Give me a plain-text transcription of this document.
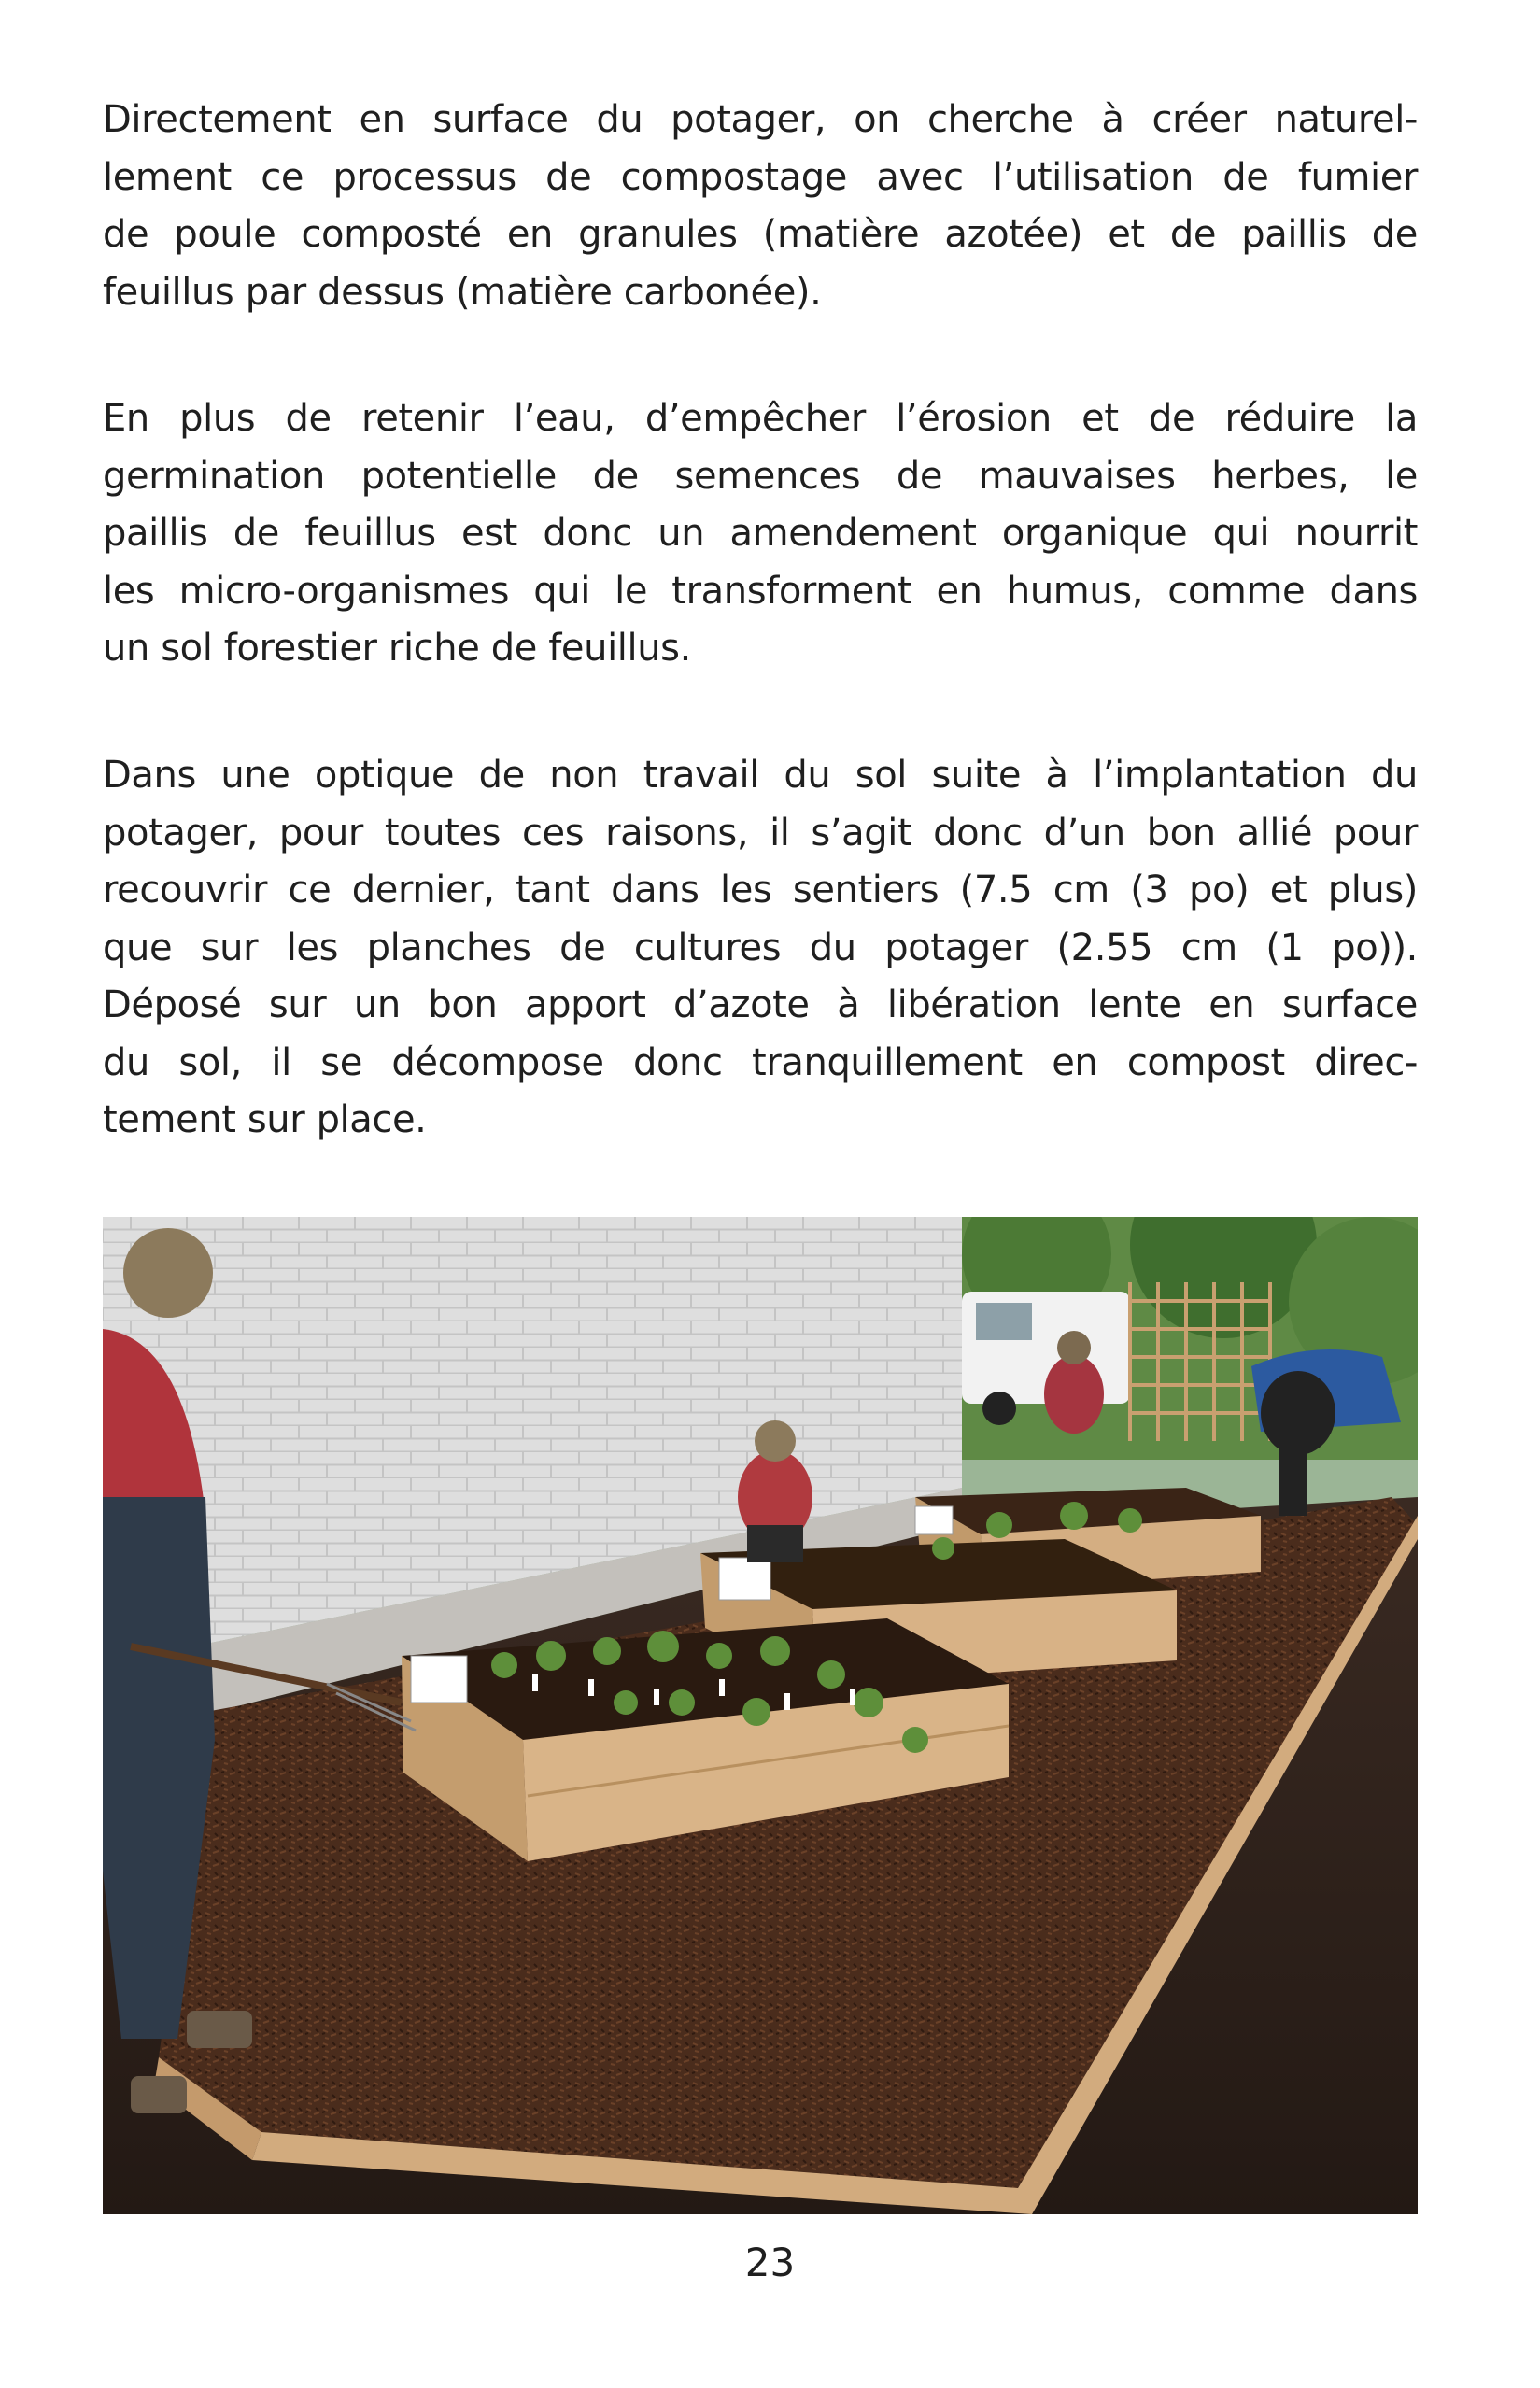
Directement en surface du potager, on cherche à créer naturel-
lement ce processus de compostage avec l’utilisation de fumier
de poule composté en granules (matière azotée) et de paillis de
feuillus par dessus (matière carbonée).
En plus de retenir l’eau, d’empêcher l’érosion et de réduire la
germination potentielle de semences de mauvaises herbes, le
paillis de feuillus est donc un amendement organique qui nourrit
les micro-organismes qui le transforment en humus, comme dans
un sol forestier riche de feuillus.
Dans une optique de non travail du sol suite à l’implantation du
potager, pour toutes ces raisons, il s’agit donc d’un bon allié pour
recouvrir ce dernier, tant dans les sentiers (7.5 cm (3 po) et plus)
que sur les planches de cultures du potager (2.55 cm (1 po)).
Déposé sur un bon apport d’azote à libération lente en surface
du sol, il se décompose donc tranquillement en compost direc-
tement sur place.
23
